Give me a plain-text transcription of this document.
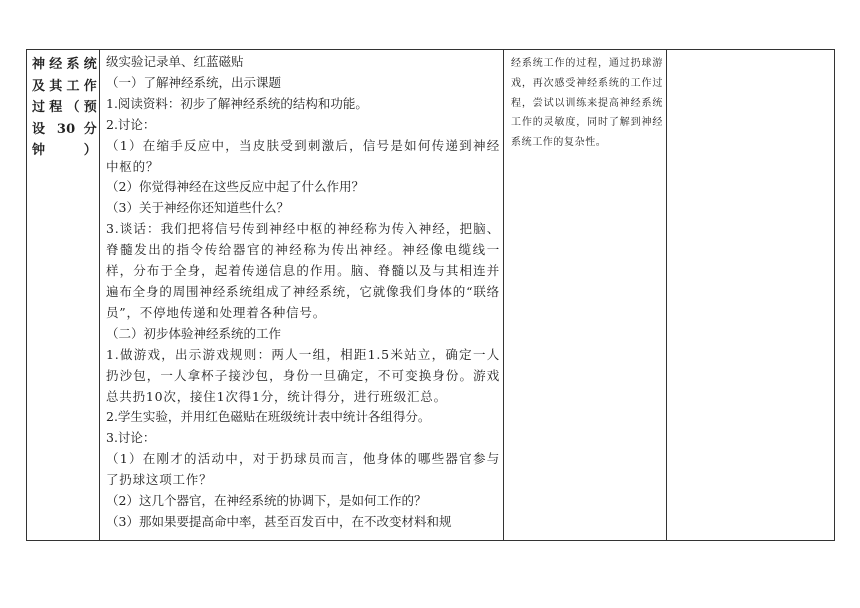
神经系统及其工作过程（预设 30 分钟）
级实验记录单、红蓝磁贴
（一）了解神经系统，出示课题
1.阅读资料：初步了解神经系统的结构和功能。
2.讨论：
（1）在缩手反应中，当皮肤受到刺激后，信号是如何传递到神经中枢的？
（2）你觉得神经在这些反应中起了什么作用？
（3）关于神经你还知道些什么？
3.谈话：我们把将信号传到神经中枢的神经称为传入神经，把脑、脊髓发出的指令传给器官的神经称为传出神经。神经像电缆线一样，分布于全身，起着传递信息的作用。脑、脊髓以及与其相连并遍布全身的周围神经系统组成了神经系统，它就像我们身体的“联络员”，不停地传递和处理着各种信号。
（二）初步体验神经系统的工作
1.做游戏，出示游戏规则：两人一组，相距1.5米站立，确定一人扔沙包，一人拿杯子接沙包，身份一旦确定，不可变换身份。游戏总共扔10次，接住1次得1分，统计得分，进行班级汇总。
2.学生实验，并用红色磁贴在班级统计表中统计各组得分。
3.讨论：
（1）在刚才的活动中，对于扔球员而言，他身体的哪些器官参与了扔球这项工作？
（2）这几个器官，在神经系统的协调下，是如何工作的？
（3）那如果要提高命中率，甚至百发百中，在不改变材料和规
经系统工作的过程，通过扔球游戏，再次感受神经系统的工作过程，尝试以训练来提高神经系统工作的灵敏度，同时了解到神经系统工作的复杂性。
